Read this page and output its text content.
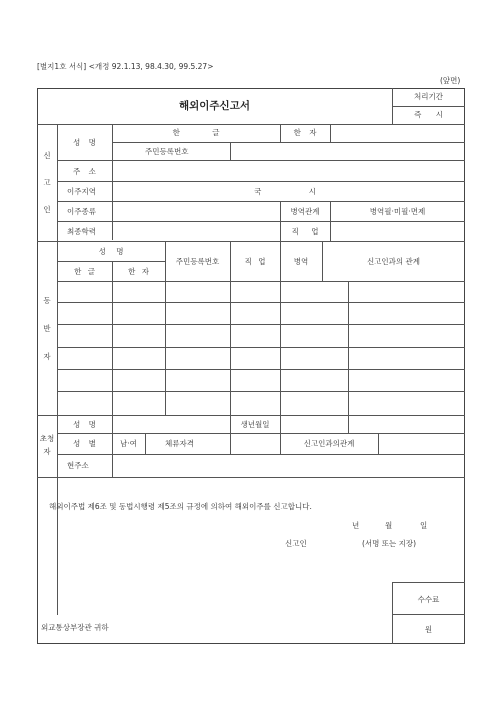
[별지1호 서식] <개정 92.1.13, 98.4.30, 99.5.27>
(앞면)
해외이주신고서
처리기간
즉 시
신
고
인
성 명
한 글	한 자
주민등록번호
주 소
이주지역	국 시
이주종류	병역관계	병역필·미필·면제
최종학력	직 업
동
반
자
성 명
한 글	한 자
주민등록번호	직 업	병역	신고인과의 관계
초청
자
성 명	생년월일
성 별	남·여	체류자격	신고인과의관계
현주소
해외이주법 제6조 및 동법시행령 제5조의 규정에 의하여 해외이주를 신고합니다.
년	월	일
신고인	(서명 또는 지장)
외교통상부장관 귀하
수수료
원
